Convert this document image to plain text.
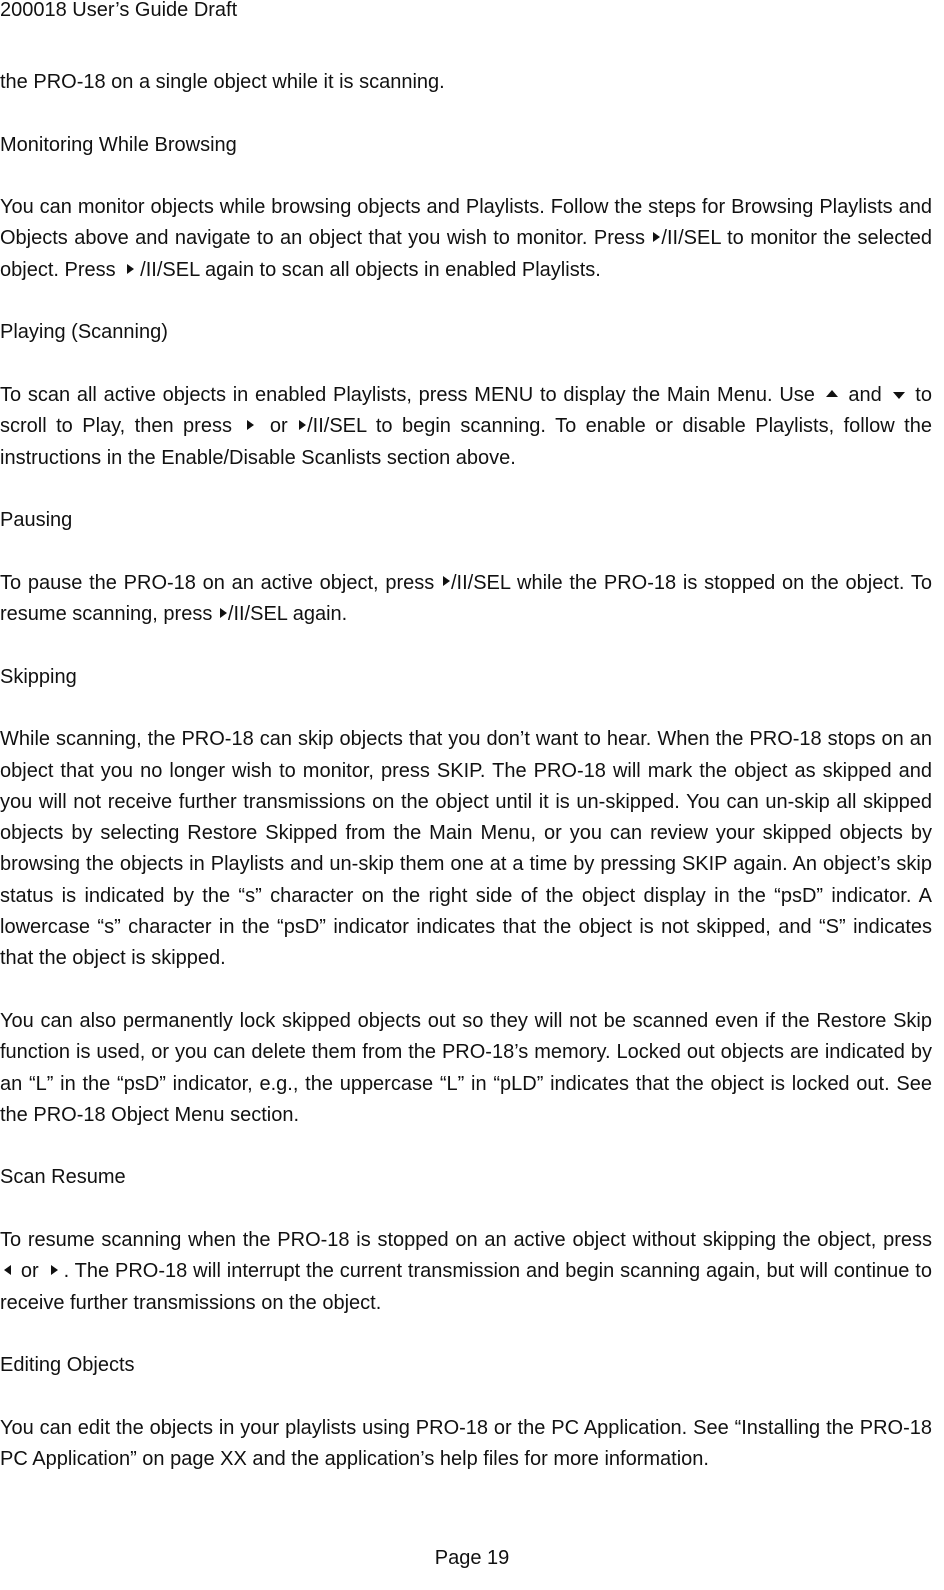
200018 User’s Guide Draft

the PRO-18 on a single object while it is scanning.

Monitoring While Browsing

You can monitor objects while browsing objects and Playlists. Follow the steps for Browsing Playlists and Objects above and navigate to an object that you wish to monitor. Press /II/SEL to monitor the selected object. Press /II/SEL again to scan all objects in enabled Playlists.

Playing (Scanning)

To scan all active objects in enabled Playlists, press MENU to display the Main Menu. Use  and  to scroll to Play, then press  or /II/SEL to begin scanning. To enable or disable Playlists, follow the instructions in the Enable/Disable Scanlists section above.

Pausing

To pause the PRO-18 on an active object, press /II/SEL while the PRO-18 is stopped on the object. To resume scanning, press /II/SEL again.

Skipping

While scanning, the PRO-18 can skip objects that you don’t want to hear. When the PRO-18 stops on an object that you no longer wish to monitor, press SKIP. The PRO-18 will mark the object as skipped and you will not receive further transmissions on the object until it is un-skipped. You can un-skip all skipped objects by selecting Restore Skipped from the Main Menu, or you can review your skipped objects by browsing the objects in Playlists and un-skip them one at a time by pressing SKIP again. An object’s skip status is indicated by the “s” character on the right side of the object display in the “psD” indicator. A lowercase “s” character in the “psD” indicator indicates that the object is not skipped, and “S” indicates that the object is skipped.

You can also permanently lock skipped objects out so they will not be scanned even if the Restore Skip function is used, or you can delete them from the PRO-18’s memory. Locked out objects are indicated by an “L” in the “psD” indicator, e.g., the uppercase “L” in “pLD” indicates that the object is locked out. See the PRO-18 Object Menu section.

Scan Resume

To resume scanning when the PRO-18 is stopped on an active object without skipping the object, press  or . The PRO-18 will interrupt the current transmission and begin scanning again, but will continue to receive further transmissions on the object.

Editing Objects

You can edit the objects in your playlists using PRO-18 or the PC Application. See “Installing the PRO-18 PC Application” on page XX and the application’s help files for more information.

Page 19
